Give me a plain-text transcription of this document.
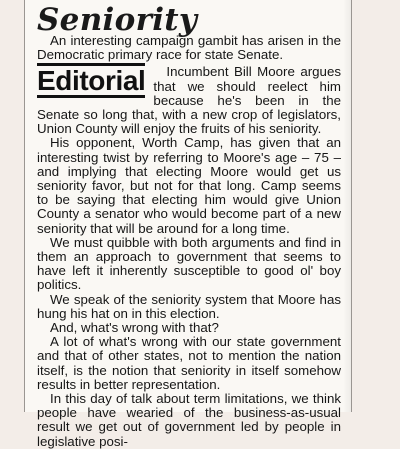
Seniority

An interesting campaign gambit has arisen in the Democratic primary race for state Senate.

Editorial	Incumbent Bill Moore argues that we should reelect him because he's been in the Senate so long that, with a new crop of legislators, Union County will enjoy the fruits of his seniority.

His opponent, Worth Camp, has given that an interesting twist by referring to Moore's age – 75 – and implying that electing Moore would get us seniority favor, but not for that long. Camp seems to be saying that electing him would give Union County a senator who would become part of a new seniority that will be around for a long time.

We must quibble with both arguments and find in them an approach to government that seems to have left it inherently susceptible to good ol' boy politics.

We speak of the seniority system that Moore has hung his hat on in this election.

And, what's wrong with that?

A lot of what's wrong with our state government and that of other states, not to mention the nation itself, is the notion that seniority in itself somehow results in better representation.

In this day of talk about term limitations, we think people have wearied of the business-as-usual result we get out of government led by people in legislative posi-
